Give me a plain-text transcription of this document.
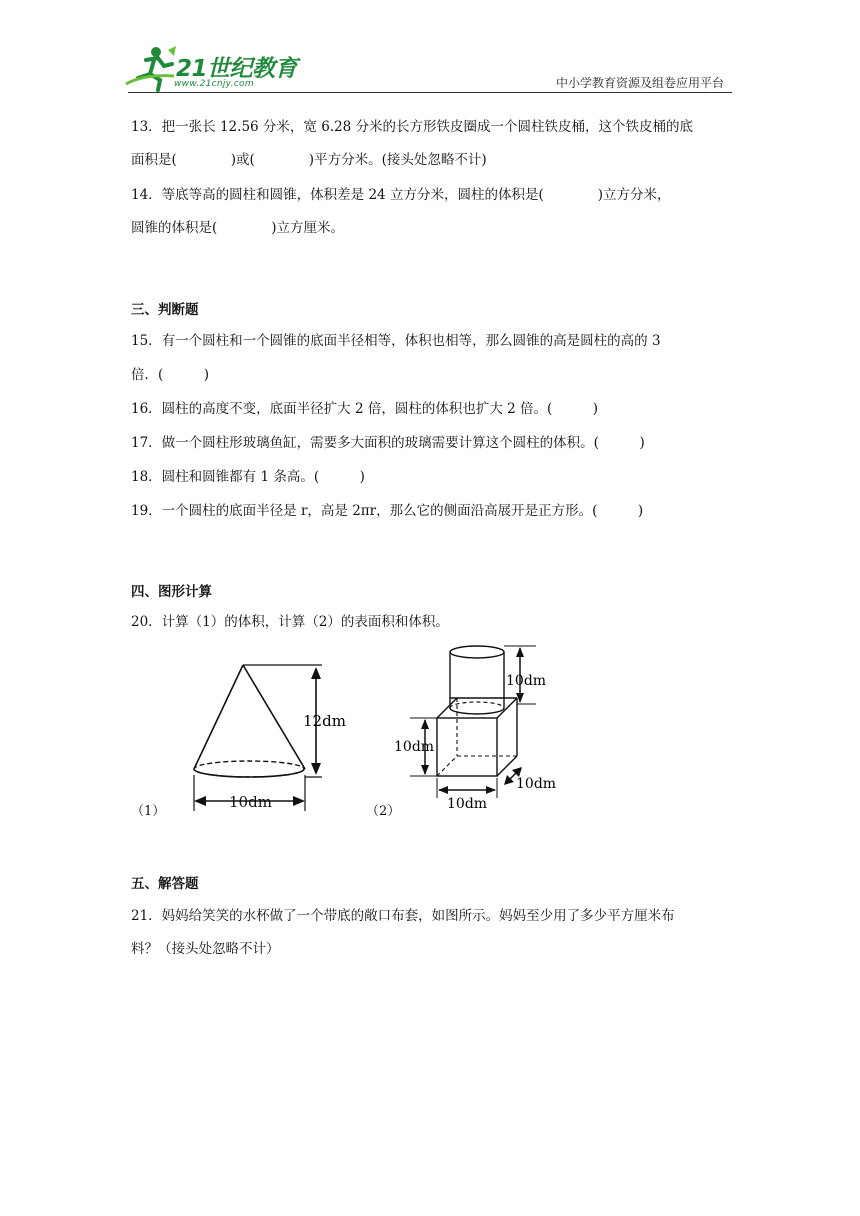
21世纪教育
www.21cnjy.com	中小学教育资源及组卷应用平台
13．把一张长 12.56 分米，宽 6.28 分米的长方形铁皮圈成一个圆柱铁皮桶，这个铁皮桶的底
面积是(　　　　)或(　　　　)平方分米。(接头处忽略不计)
14．等底等高的圆柱和圆锥，体积差是 24 立方分米，圆柱的体积是(　　　　)立方分米，
圆锥的体积是(　　　　)立方厘米。
三、判断题
15．有一个圆柱和一个圆锥的底面半径相等，体积也相等，那么圆锥的高是圆柱的高的 3
倍．(　　　)
16．圆柱的高度不变，底面半径扩大 2 倍，圆柱的体积也扩大 2 倍。(　　　)
17．做一个圆柱形玻璃鱼缸，需要多大面积的玻璃需要计算这个圆柱的体积。(　　　)
18．圆柱和圆锥都有 1 条高。(　　　)
19．一个圆柱的底面半径是 r，高是 2πr，那么它的侧面沿高展开是正方形。(　　　)
四、图形计算
20．计算（1）的体积，计算（2）的表面积和体积。
（1）
12dm
10dm
（2）
10dm
10dm
10dm
10dm
五、解答题
21．妈妈给笑笑的水杯做了一个带底的敞口布套，如图所示。妈妈至少用了多少平方厘米布
料？（接头处忽略不计）
